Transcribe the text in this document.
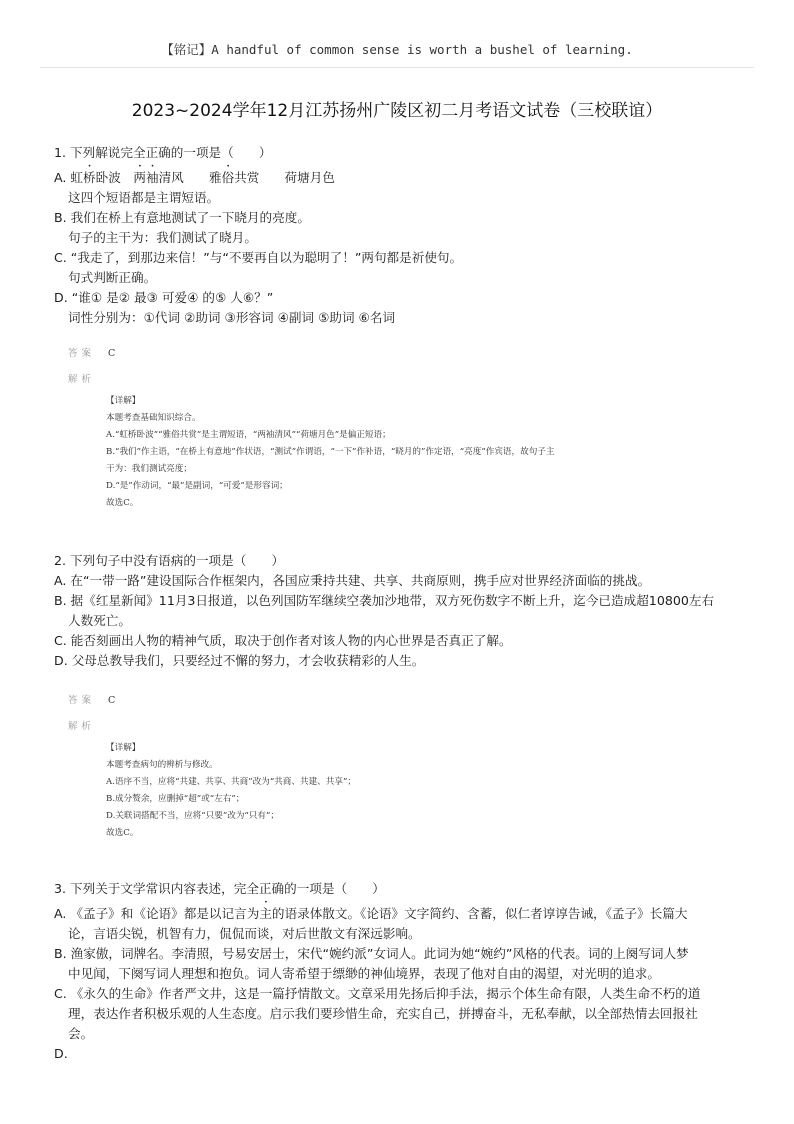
【铭记】A handful of common sense is worth a bushel of learning.
2023~2024学年12月江苏扬州广陵区初二月考语文试卷（三校联谊）

1. 下列解说完全正确的一项是（　　）

A. 虹桥卧波　两袖清风　　雅俗共赏　　荷塘月色

这四个短语都是主谓短语。

B. 我们在桥上有意地测试了一下晓月的亮度。

句子的主干为：我们测试了晓月。

C. “我走了，到那边来信！”与“不要再自以为聪明了！”两句都是祈使句。

句式判断正确。

D. “谁① 是② 最③ 可爱④ 的⑤ 人⑥？”

词性分别为：①代词 ②助词 ③形容词 ④副词 ⑤助词 ⑥名词

答案 C
解析

【详解】

本题考查基础知识综合。

A.“虹桥卧波”“雅俗共赏”是主谓短语，“两袖清风”“荷塘月色”是偏正短语；

B.“我们”作主语，“在桥上有意地”作状语，“测试”作谓语，“一下”作补语，“晓月的”作定语，“亮度”作宾语，故句子主

干为：我们测试亮度；

D.“是”作动词，“最”是副词，“可爱”是形容词；

故选C。

2. 下列句子中没有语病的一项是（　　）

A. 在“一带一路”建设国际合作框架内，各国应秉持共建、共享、共商原则，携手应对世界经济面临的挑战。

B. 据《红星新闻》11月3日报道，以色列国防军继续空袭加沙地带，双方死伤数字不断上升，迄今已造成超10800左右

人数死亡。

C. 能否刻画出人物的精神气质，取决于创作者对该人物的内心世界是否真正了解。

D. 父母总教导我们，只要经过不懈的努力，才会收获精彩的人生。

答案 C
解析

【详解】

本题考查病句的辨析与修改。

A.语序不当，应将“共建、共享、共商”改为“共商、共建、共享”；

B.成分赘余，应删掉“超”或“左右”；

D.关联词搭配不当，应将“只要”改为“只有”；

故选C。

3. 下列关于文学常识内容表述，完全正确的一项是（　　）

A. 《孟子》和《论语》都是以记言为主的语录体散文。《论语》文字简约、含蓄，似仁者谆谆告诫，《孟子》长篇大

论，言语尖锐，机智有力，侃侃而谈，对后世散文有深远影响。

B. 渔家傲，词牌名。李清照，号易安居士，宋代“婉约派”女词人。此词为她“婉约”风格的代表。词的上阕写词人梦

中见闻，下阕写词人理想和抱负。词人寄希望于缥缈的神仙境界，表现了他对自由的渴望，对光明的追求。

C. 《永久的生命》作者严文井，这是一篇抒情散文。文章采用先扬后抑手法，揭示个体生命有限，人类生命不朽的道

理，表达作者积极乐观的人生态度。启示我们要珍惜生命，充实自己，拼搏奋斗，无私奉献，以全部热情去回报社

会。

D.
